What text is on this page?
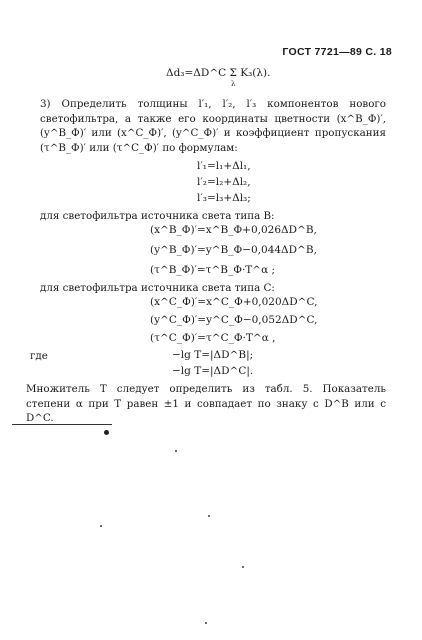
ГОСТ 7721—89 С. 18
Δd₃=ΔD^C Σ K₃(λ).
λ
3) Определить толщины l′₁, l′₂, l′₃ компонентов нового светофильтра, а также его координаты цветности (x^B_Ф)′, (y^B_Ф)′ или (x^C_Ф)′, (y^C_Ф)′ и коэффициент пропускания (τ^B_Ф)′ или (τ^C_Ф)′ по формулам:
l′₁=l₁+Δl₁,
l′₂=l₂+Δl₂,
l′₃=l₃+Δl₃;
для светофильтра источника света типа В:
(x^B_Ф)′=x^B_Ф+0,026ΔD^B,
(y^B_Ф)′=y^B_Ф−0,044ΔD^B,
(τ^B_Ф)′=τ^B_Ф·T^α ;
для светофильтра источника света типа С:
(x^C_Ф)′=x^C_Ф+0,020ΔD^C,
(y^C_Ф)′=y^C_Ф−0,052ΔD^C,
(τ^C_Ф)′=τ^C_Ф·T^α ,
где	−lg T=|ΔD^B|;
−lg T=|ΔD^C|.
Множитель T следует определить из табл. 5. Показатель степени α при T равен ±1 и совпадает по знаку с D^B или с D^C.
